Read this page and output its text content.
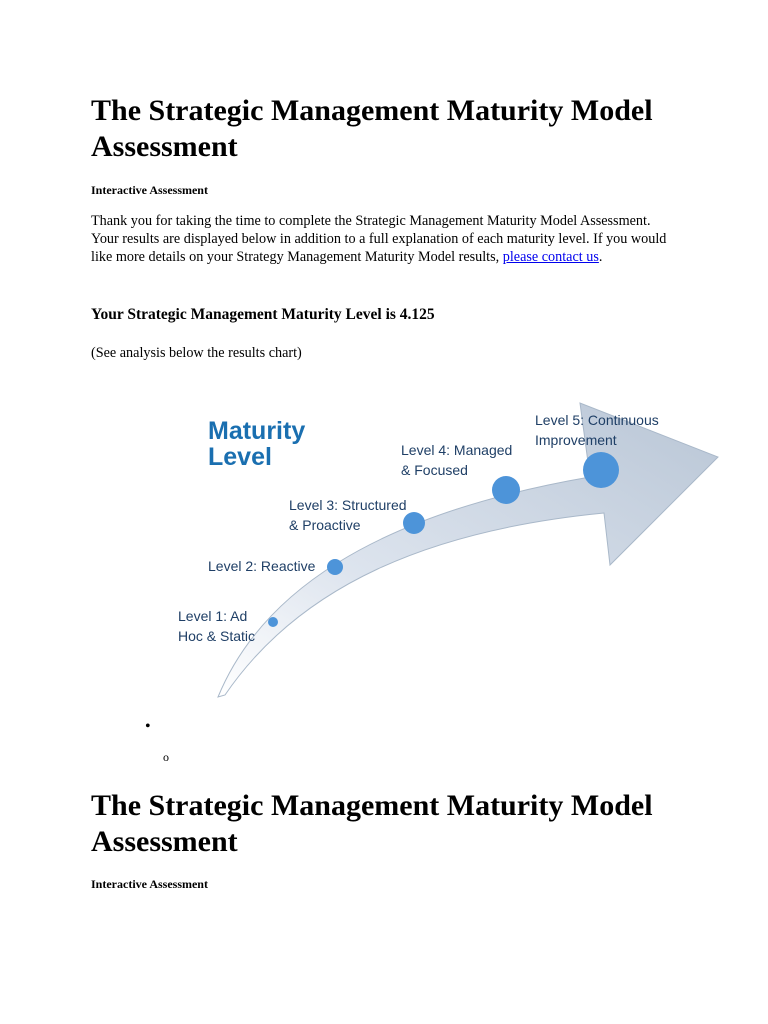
The Strategic Management Maturity Model
Assessment

Interactive Assessment

Thank you for taking the time to complete the Strategic Management Maturity Model Assessment. Your results are displayed below in addition to a full explanation of each maturity level. If you would like more details on your Strategy Management Maturity Model results, please contact us.

Your Strategic Management Maturity Level is 4.125

(See analysis below the results chart)

Maturity
Level
Level 1: Ad
Hoc & Static
Level 2: Reactive
Level 3: Structured
& Proactive
Level 4: Managed
& Focused
Level 5: Continuous
Improvement
•
o
The Strategic Management Maturity Model
Assessment

Interactive Assessment
